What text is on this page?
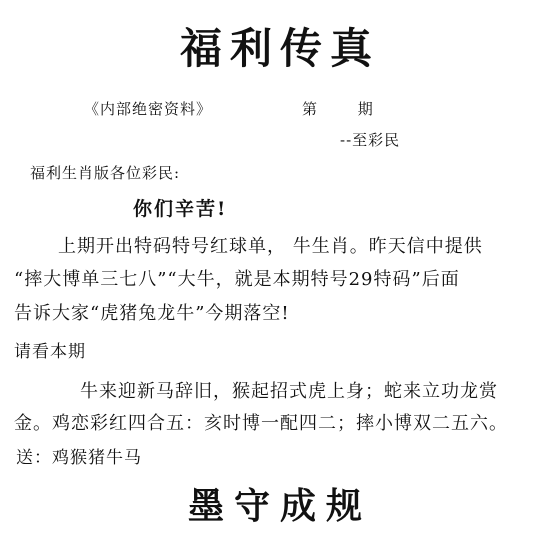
福利传真
《内部绝密资料》	第 期
--至彩民
福利生肖版各位彩民:
你们辛苦!
上期开出特码特号红球单， 牛生肖。昨天信中提供
“摔大博单三七八”“大牛，就是本期特号29特码”后面
告诉大家“虎猪兔龙牛”今期落空!
请看本期
牛来迎新马辞旧，猴起招式虎上身；蛇来立功龙赏
金。鸡恋彩红四合五：亥时博一配四二；摔小博双二五六。
送：鸡猴猪牛马
墨守成规
